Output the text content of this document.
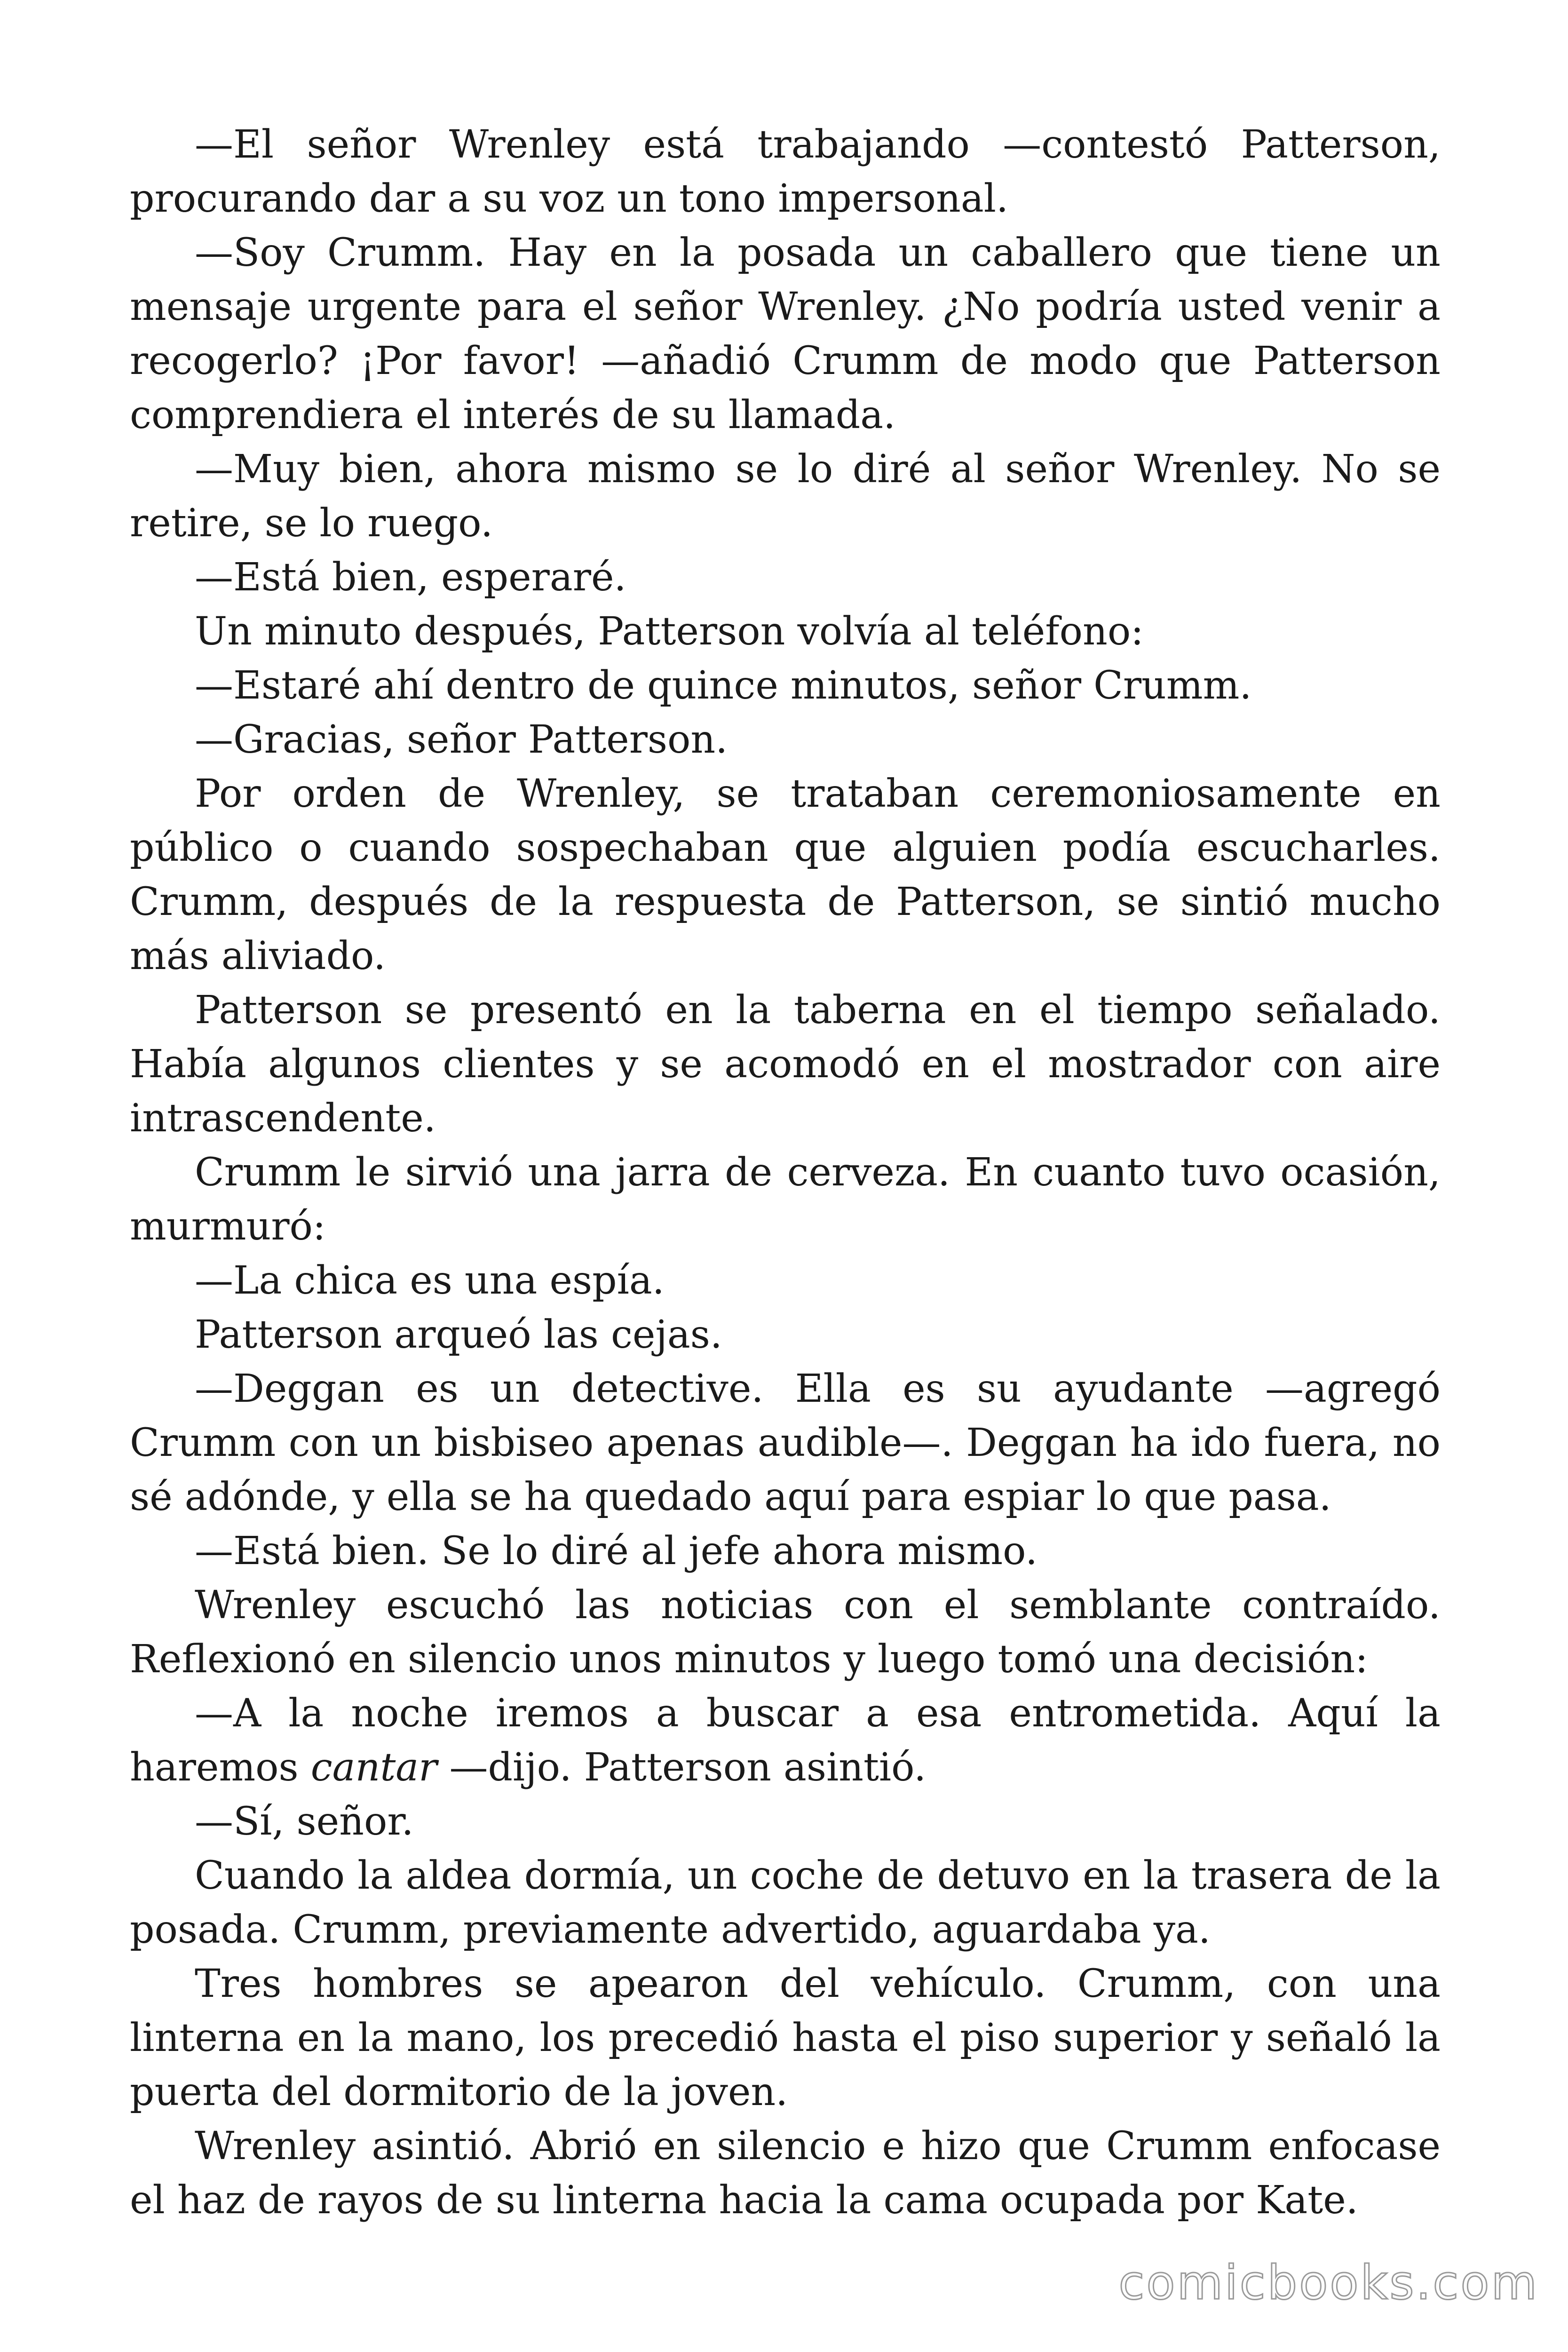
—El señor Wrenley está trabajando —contestó Patterson, procurando dar a su voz un tono impersonal.

—Soy Crumm. Hay en la posada un caballero que tiene un mensaje urgente para el señor Wrenley. ¿No podría usted venir a recogerlo? ¡Por favor! —añadió Crumm de modo que Patterson comprendiera el interés de su llamada.

—Muy bien, ahora mismo se lo diré al señor Wrenley. No se retire, se lo ruego.

—Está bien, esperaré.

Un minuto después, Patterson volvía al teléfono:

—Estaré ahí dentro de quince minutos, señor Crumm.

—Gracias, señor Patterson.

Por orden de Wrenley, se trataban ceremoniosamente en público o cuando sospechaban que alguien podía escucharles. Crumm, después de la respuesta de Patterson, se sintió mucho más aliviado.

Patterson se presentó en la taberna en el tiempo señalado. Había algunos clientes y se acomodó en el mostrador con aire intrascendente.

Crumm le sirvió una jarra de cerveza. En cuanto tuvo ocasión, murmuró:

—La chica es una espía.

Patterson arqueó las cejas.

—Deggan es un detective. Ella es su ayudante —agregó Crumm con un bisbiseo apenas audible—. Deggan ha ido fuera, no sé adónde, y ella se ha quedado aquí para espiar lo que pasa.

—Está bien. Se lo diré al jefe ahora mismo.

Wrenley escuchó las noticias con el semblante contraído. Reflexionó en silencio unos minutos y luego tomó una decisión:

—A la noche iremos a buscar a esa entrometida. Aquí la haremos cantar —dijo. Patterson asintió.

—Sí, señor.

Cuando la aldea dormía, un coche de detuvo en la trasera de la posada. Crumm, previamente advertido, aguardaba ya.

Tres hombres se apearon del vehículo. Crumm, con una linterna en la mano, los precedió hasta el piso superior y señaló la puerta del dormitorio de la joven.

Wrenley asintió. Abrió en silencio e hizo que Crumm enfocase el haz de rayos de su linterna hacia la cama ocupada por Kate.

comicbooks.com
